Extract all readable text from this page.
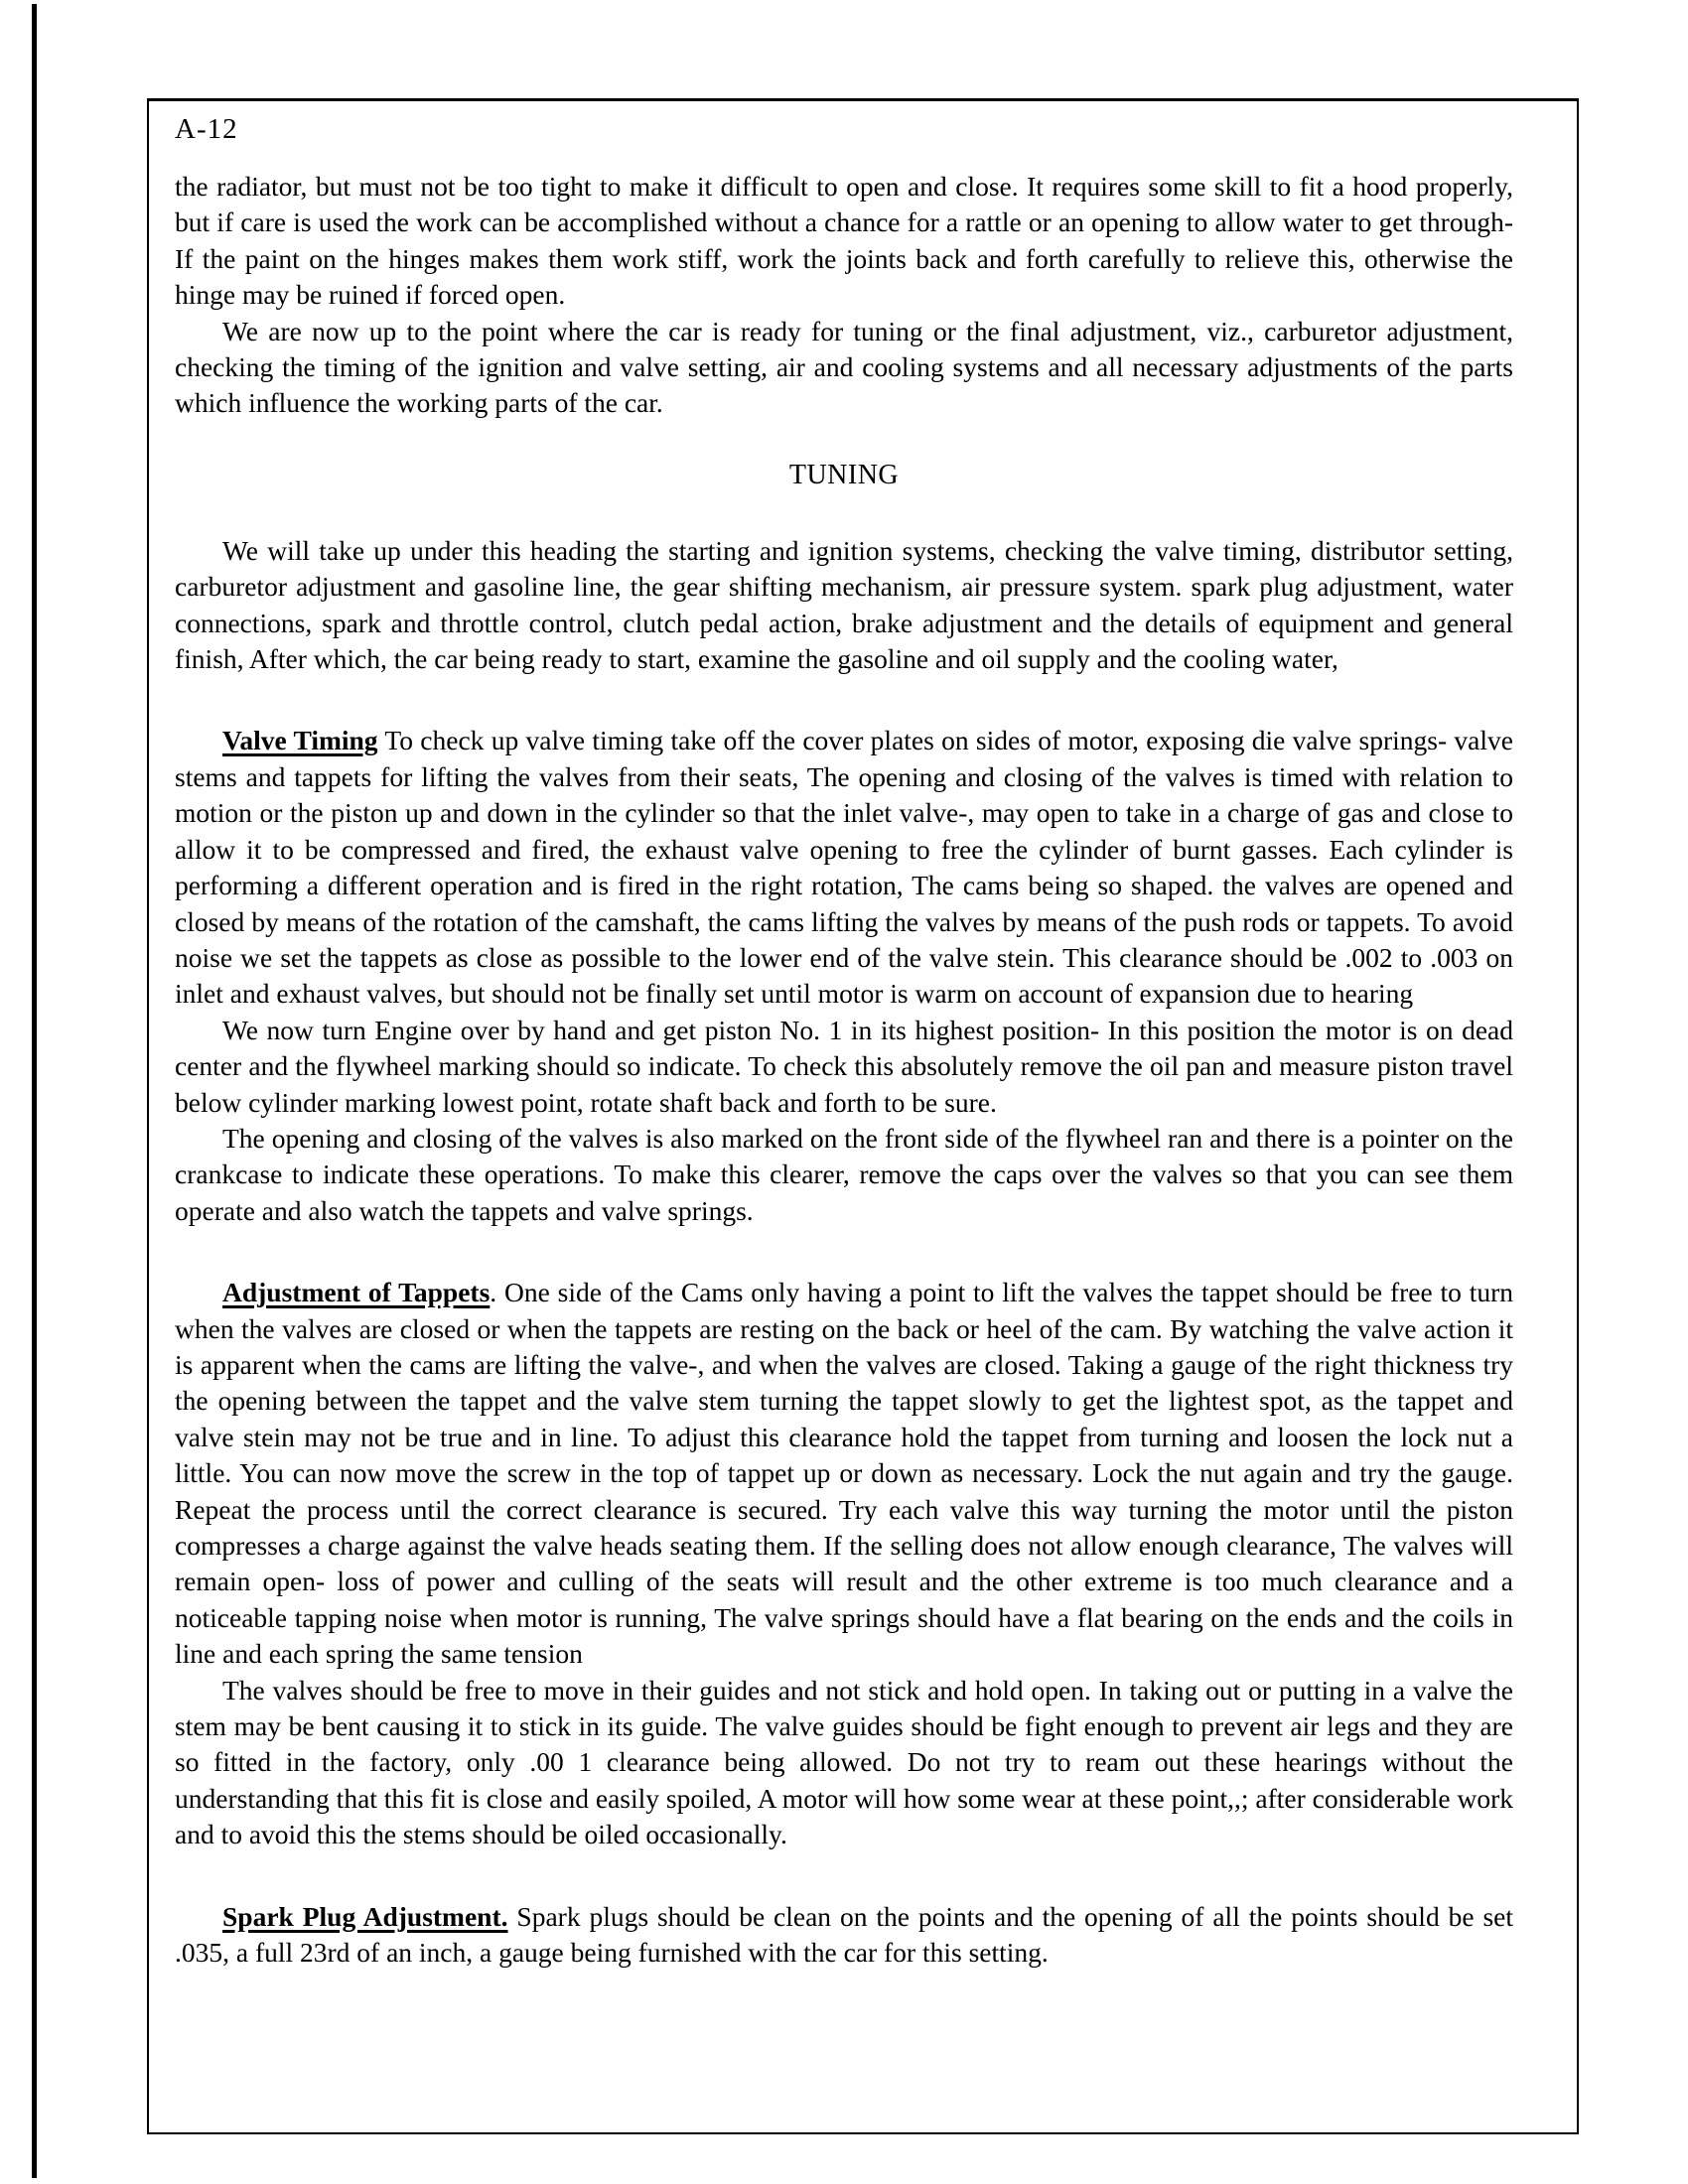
A-12

the radiator, but must not be too tight to make it difficult to open and close. It requires some skill to fit a hood properly, but if care is used the work can be accomplished without a chance for a rattle or an opening to allow water to get through- If the paint on the hinges makes them work stiff, work the joints back and forth carefully to relieve this, otherwise the hinge may be ruined if forced open.

We are now up to the point where the car is ready for tuning or the final adjustment, viz., carburetor adjustment, checking the timing of the ignition and valve setting, air and cooling systems and all necessary adjustments of the parts which influence the working parts of the car.

TUNING

We will take up under this heading the starting and ignition systems, checking the valve timing, distributor setting, carburetor adjustment and gasoline line, the gear shifting mechanism, air pressure system. spark plug adjustment, water connections, spark and throttle control, clutch pedal action, brake adjustment and the details of equipment and general finish, After which, the car being ready to start, examine the gasoline and oil supply and the cooling water,

Valve Timing To check up valve timing take off the cover plates on sides of motor, exposing die valve springs- valve stems and tappets for lifting the valves from their seats, The opening and closing of the valves is timed with relation to motion or the piston up and down in the cylinder so that the inlet valve-, may open to take in a charge of gas and close to allow it to be compressed and fired, the exhaust valve opening to free the cylinder of burnt gasses. Each cylinder is performing a different operation and is fired in the right rotation, The cams being so shaped. the valves are opened and closed by means of the rotation of the camshaft, the cams lifting the valves by means of the push rods or tappets. To avoid noise we set the tappets as close as possible to the lower end of the valve stein. This clearance should be .002 to .003 on inlet and exhaust valves, but should not be finally set until motor is warm on account of expansion due to hearing

We now turn Engine over by hand and get piston No. 1 in its highest position- In this position the motor is on dead center and the flywheel marking should so indicate. To check this absolutely remove the oil pan and measure piston travel below cylinder marking lowest point, rotate shaft back and forth to be sure.

The opening and closing of the valves is also marked on the front side of the flywheel ran and there is a pointer on the crankcase to indicate these operations. To make this clearer, remove the caps over the valves so that you can see them operate and also watch the tappets and valve springs.

Adjustment of Tappets. One side of the Cams only having a point to lift the valves the tappet should be free to turn when the valves are closed or when the tappets are resting on the back or heel of the cam. By watching the valve action it is apparent when the cams are lifting the valve-, and when the valves are closed. Taking a gauge of the right thickness try the opening between the tappet and the valve stem turning the tappet slowly to get the lightest spot, as the tappet and valve stein may not be true and in line. To adjust this clearance hold the tappet from turning and loosen the lock nut a little. You can now move the screw in the top of tappet up or down as necessary. Lock the nut again and try the gauge. Repeat the process until the correct clearance is secured. Try each valve this way turning the motor until the piston compresses a charge against the valve heads seating them. If the selling does not allow enough clearance, The valves will remain open- loss of power and culling of the seats will result and the other extreme is too much clearance and a noticeable tapping noise when motor is running, The valve springs should have a flat bearing on the ends and the coils in line and each spring the same tension

The valves should be free to move in their guides and not stick and hold open. In taking out or putting in a valve the stem may be bent causing it to stick in its guide. The valve guides should be fight enough to prevent air legs and they are so fitted in the factory, only .00 1 clearance being allowed. Do not try to ream out these hearings without the understanding that this fit is close and easily spoiled, A motor will how some wear at these point,,; after considerable work and to avoid this the stems should be oiled occasionally.

Spark Plug Adjustment. Spark plugs should be clean on the points and the opening of all the points should be set .035, a full 23rd of an inch, a gauge being furnished with the car for this setting.
